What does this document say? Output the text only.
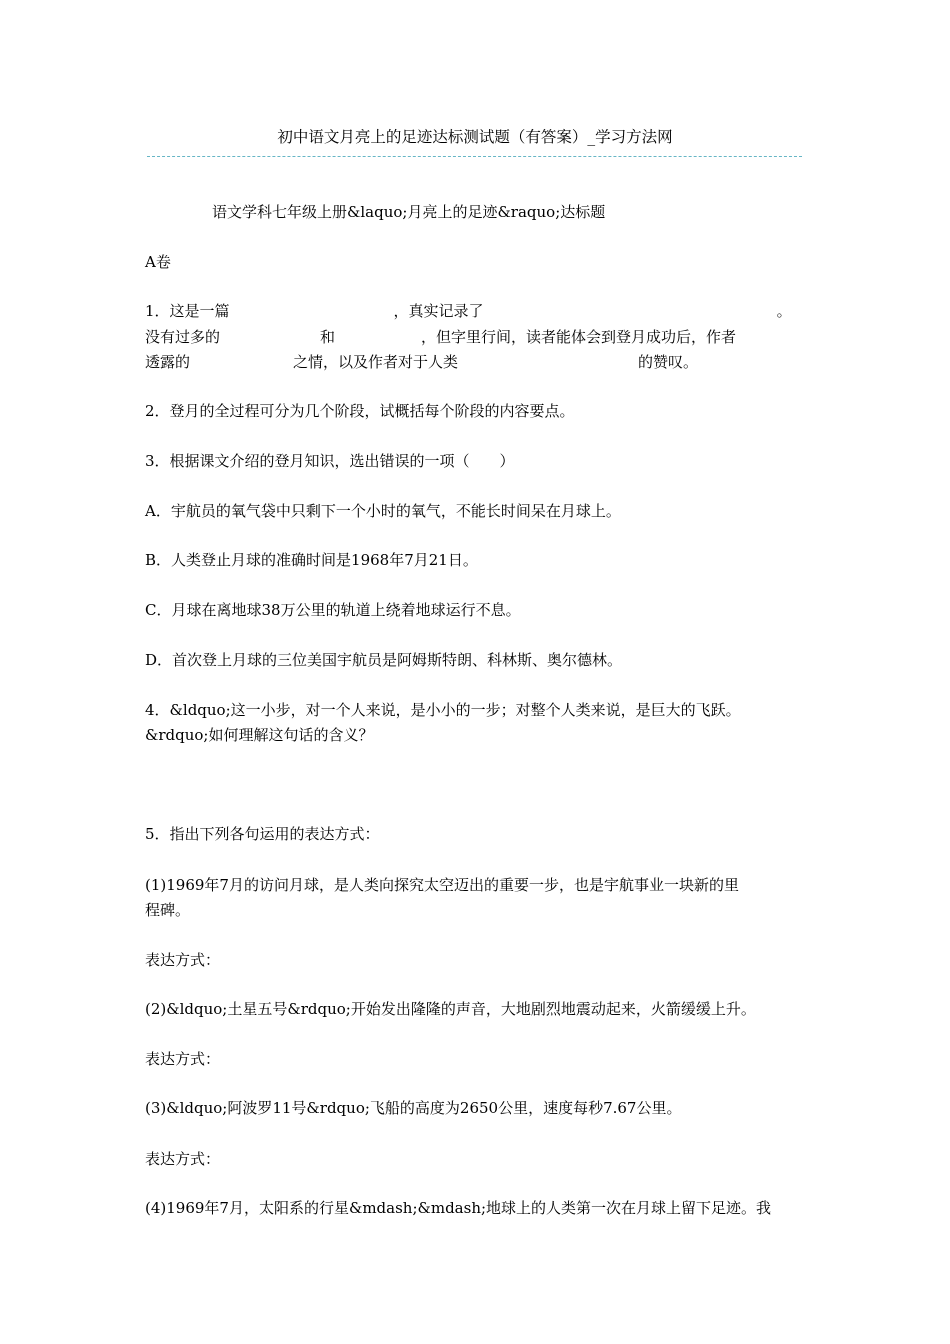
初中语文月亮上的足迹达标测试题（有答案）_学习方法网
语文学科七年级上册&laquo;月亮上的足迹&raquo;达标题
A卷
1．这是一篇	，真实记录了	。
没有过多的	和	，但字里行间，读者能体会到登月成功后，作者
透露的	之情，以及作者对于人类	的赞叹。
2．登月的全过程可分为几个阶段，试概括每个阶段的内容要点。
3．根据课文介绍的登月知识，选出错误的一项（　　）
A．宇航员的氧气袋中只剩下一个小时的氧气，不能长时间呆在月球上。
B．人类登止月球的准确时间是1968年7月21日。
C．月球在离地球38万公里的轨道上绕着地球运行不息。
D．首次登上月球的三位美国宇航员是阿姆斯特朗、科林斯、奥尔德林。
4．&ldquo;这一小步，对一个人来说，是小小的一步；对整个人类来说，是巨大的飞跃。
&rdquo;如何理解这句话的含义？
5．指出下列各句运用的表达方式：
(1)1969年7月的访问月球，是人类向探究太空迈出的重要一步，也是宇航事业一块新的里
程碑。
表达方式：
(2)&ldquo;土星五号&rdquo;开始发出隆隆的声音，大地剧烈地震动起来，火箭缓缓上升。
表达方式：
(3)&ldquo;阿波罗11号&rdquo;飞船的高度为2650公里，速度每秒7.67公里。
表达方式：
(4)1969年7月，太阳系的行星&mdash;&mdash;地球上的人类第一次在月球上留下足迹。我
